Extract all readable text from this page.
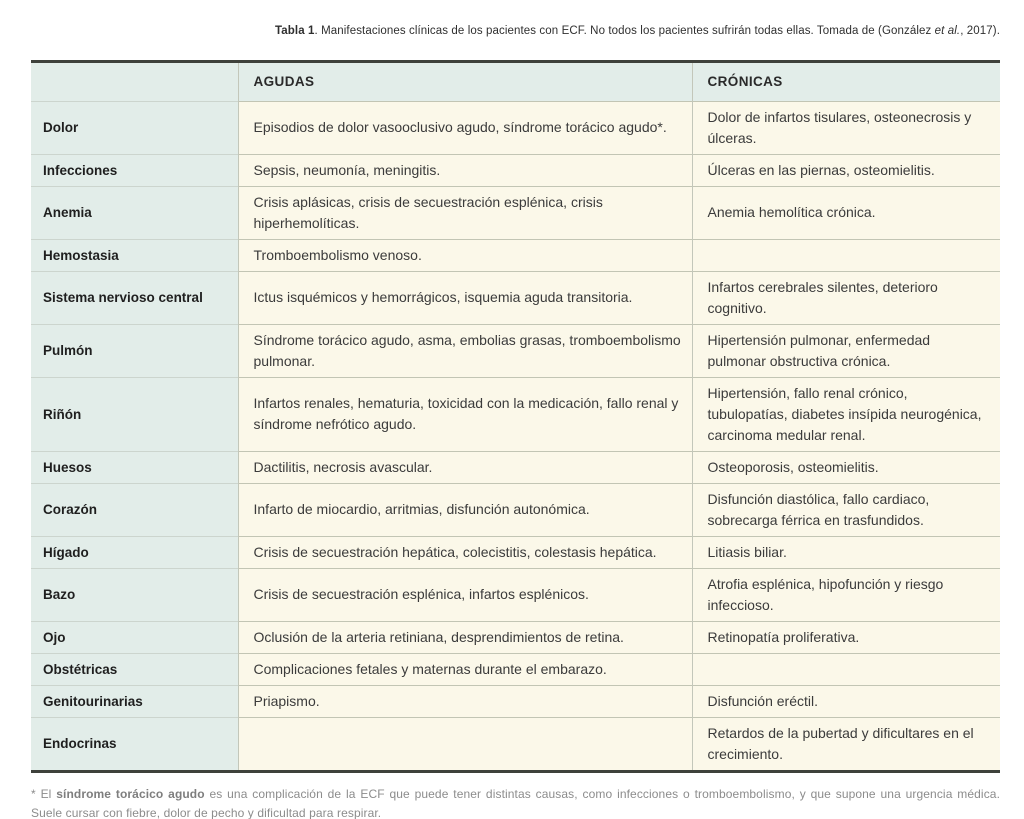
Tabla 1. Manifestaciones clínicas de los pacientes con ECF. No todos los pacientes sufrirán todas ellas. Tomada de (González et al., 2017).

	AGUDAS	CRÓNICAS
Dolor	Episodios de dolor vasooclusivo agudo, síndrome torácico agudo*.	Dolor de infartos tisulares, osteonecrosis y úlceras.
Infecciones	Sepsis, neumonía, meningitis.	Úlceras en las piernas, osteomielitis.
Anemia	Crisis aplásicas, crisis de secuestración esplénica, crisis hiperhemolíticas.	Anemia hemolítica crónica.
Hemostasia	Tromboembolismo venoso.	
Sistema nervioso central	Ictus isquémicos y hemorrágicos, isquemia aguda transitoria.	Infartos cerebrales silentes, deterioro cognitivo.
Pulmón	Síndrome torácico agudo, asma, embolias grasas, tromboembolismo pulmonar.	Hipertensión pulmonar, enfermedad pulmonar obstructiva crónica.
Riñón	Infartos renales, hematuria, toxicidad con la medicación, fallo renal y síndrome nefrótico agudo.	Hipertensión, fallo renal crónico, tubulopatías, diabetes insípida neurogénica, carcinoma medular renal.
Huesos	Dactilitis, necrosis avascular.	Osteoporosis, osteomielitis.
Corazón	Infarto de miocardio, arritmias, disfunción autonómica.	Disfunción diastólica, fallo cardiaco, sobrecarga férrica en trasfundidos.
Hígado	Crisis de secuestración hepática, colecistitis, colestasis hepática.	Litiasis biliar.
Bazo	Crisis de secuestración esplénica, infartos esplénicos.	Atrofia esplénica, hipofunción y riesgo infeccioso.
Ojo	Oclusión de la arteria retiniana, desprendimientos de retina.	Retinopatía proliferativa.
Obstétricas	Complicaciones fetales y maternas durante el embarazo.	
Genitourinarias	Priapismo.	Disfunción eréctil.
Endocrinas		Retardos de la pubertad y dificultares en el crecimiento.

* El síndrome torácico agudo es una complicación de la ECF que puede tener distintas causas, como infecciones o tromboembolismo, y que supone una urgencia médica. Suele cursar con fiebre, dolor de pecho y dificultad para respirar.
